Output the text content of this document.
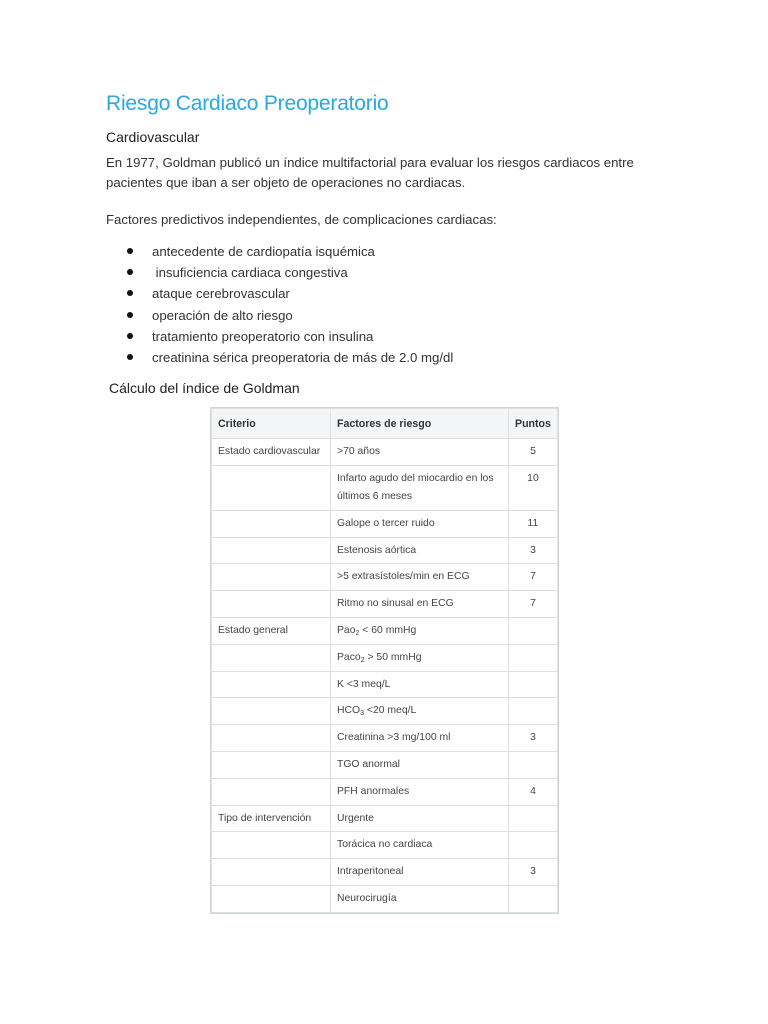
Riesgo Cardiaco Preoperatorio
Cardiovascular
En 1977, Goldman publicó un índice multifactorial para evaluar los riesgos cardiacos entre pacientes que iban a ser objeto de operaciones no cardiacas.
Factores predictivos independientes, de complicaciones cardiacas:
antecedente de cardiopatía isquémica
insuficiencia cardiaca congestiva
ataque cerebrovascular
operación de alto riesgo
tratamiento preoperatorio con insulina
creatinina sérica preoperatoria de más de 2.0 mg/dl
Cálculo del índice de Goldman
Criterio	Factores de riesgo	Puntos
Estado cardiovascular	>70 años	5
	Infarto agudo del miocardio en los últimos 6 meses	10
	Galope o tercer ruido	11
	Estenosis aórtica	3
	>5 extrasístoles/min en ECG	7
	Ritmo no sinusal en ECG	7
Estado general	Pao$_2$ < 60 mmHg	
	Paco$_2$ > 50 mmHg	
	K <3 meq/L	
	$HCO_3 <20$ meq/L	
	Creatinina >3 mg/100 ml	3
	TGO anormal	
	PFH anormales	4
Tipo de intervención	Urgente	
	Torácica no cardiaca	
	Intraperitoneal	3
	Neurocirugía	
